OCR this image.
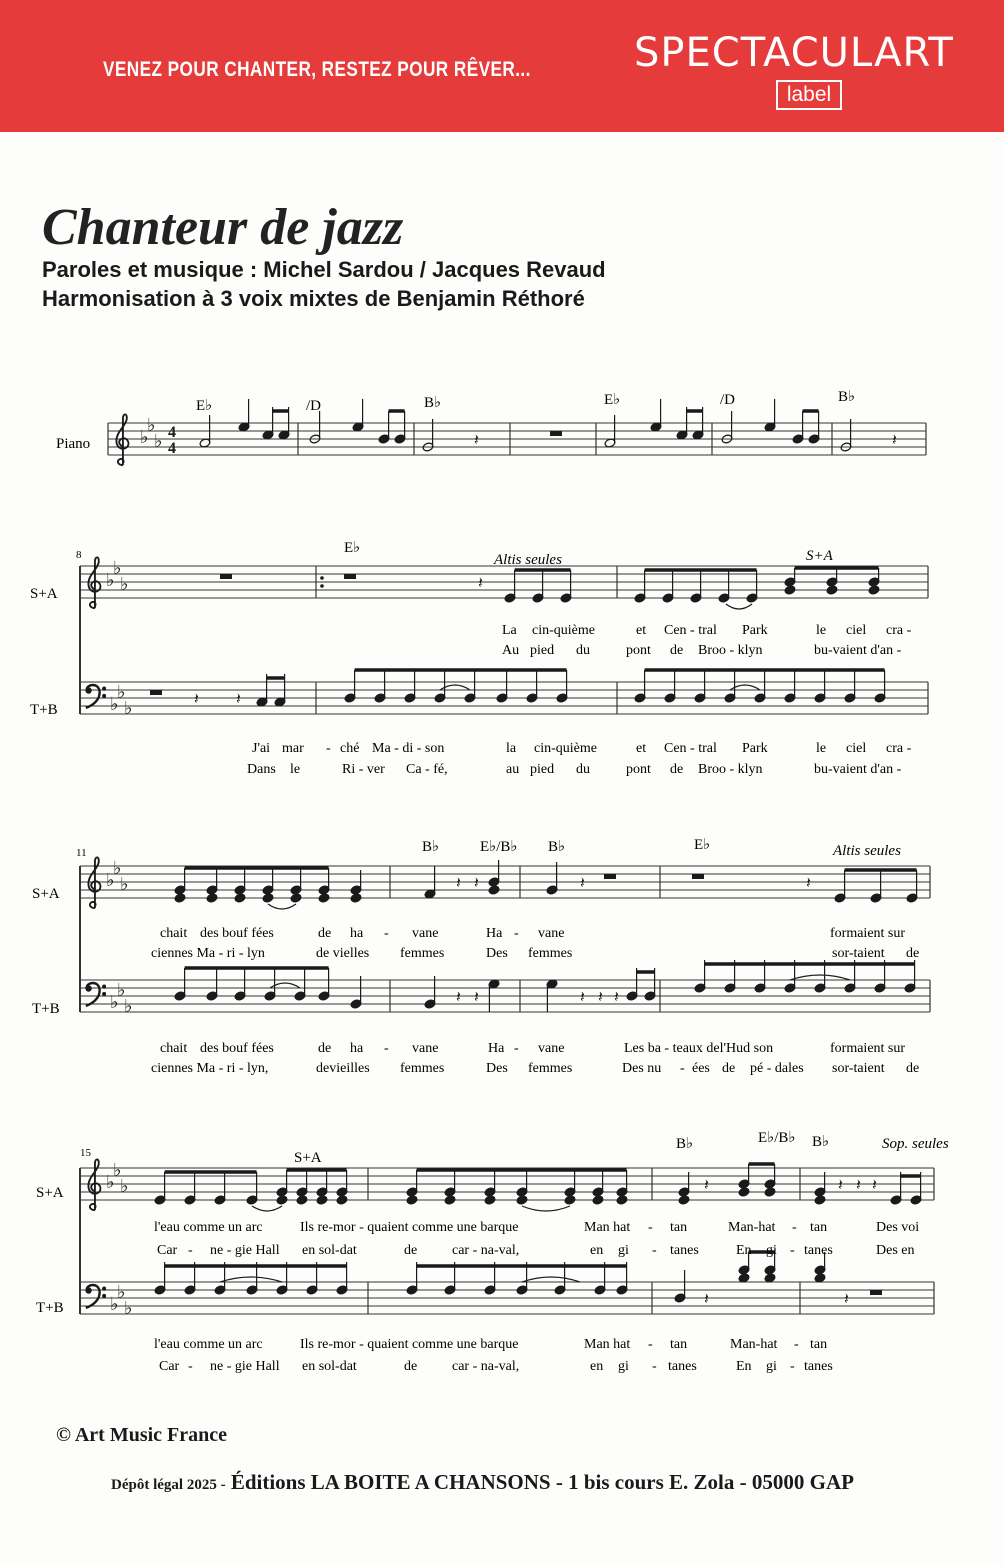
VENEZ POUR CHANTER, RESTEZ POUR RÊVER...	SPECTACULART
label
Chanteur de jazz
Paroles et musique : Michel Sardou / Jacques Revaud
Harmonisation à 3 voix mixtes de Benjamin Réthoré
♭
♭
♭ 4
4	𝄽	𝄽
♭
♭
♭
♭
♭
♭
𝄽
𝄽 𝄽
♭
♭
♭
♭
♭
♭
𝄽 𝄽	𝄽	𝄽
𝄽 𝄽	𝄽 𝄽 𝄽
♭
♭
♭
♭
♭
♭
𝄽	𝄽 𝄽 𝄽
𝄽	𝄽
Piano
E♭	/D	B♭	E♭	/D	B♭
8
S+A
T+B
E♭
Altis seules	S+A
11
S+A
T+B
B♭	E♭/B♭ B♭	E♭	Altis seules
15
S+A
T+B
B♭	E♭/B♭ B♭
S+A
Sop. seules
La cin-quième	et Cen - tral Park	le ciel cra -
Au pied du	pont de Broo - klyn	bu-vaient d'an -
J'ai mar - ché Ma - di - son	la cin-quième	et Cen - tral Park	le ciel cra -
Dans le	Ri - ver Ca - fé,	au pied du	pont de Broo - klyn	bu-vaient d'an -
chait des bouf fées	de ha - vane	Ha - vane	formaient sur
ciennes Ma - ri - lyn	de vielles femmes	Des femmes	sor-taient de
chait des bouf fées	de ha - vane	Ha - vane	Les ba - teaux del'Hud son	formaient sur
ciennes Ma - ri - lyn,	devieilles femmes	Des femmes	Des nu - ées de pé - dales sor-taient de
l'eau comme un arc	Ils re-mor - quaient comme une barque	Man hat - tan	Man-hat - tan	Des voi
Car - ne - gie Hall en sol-dat	de car - na-val,	en gi - tanes	En gi - tanes	Des en
l'eau comme un arc	Ils re-mor - quaient comme une barque	Man hat - tan	Man-hat - tan
Car - ne - gie Hall en sol-dat	de car - na-val,	en gi - tanes	En gi - tanes
© Art Music France
Dépôt légal 2025 - Éditions LA BOITE A CHANSONS - 1 bis cours E. Zola - 05000 GAP
